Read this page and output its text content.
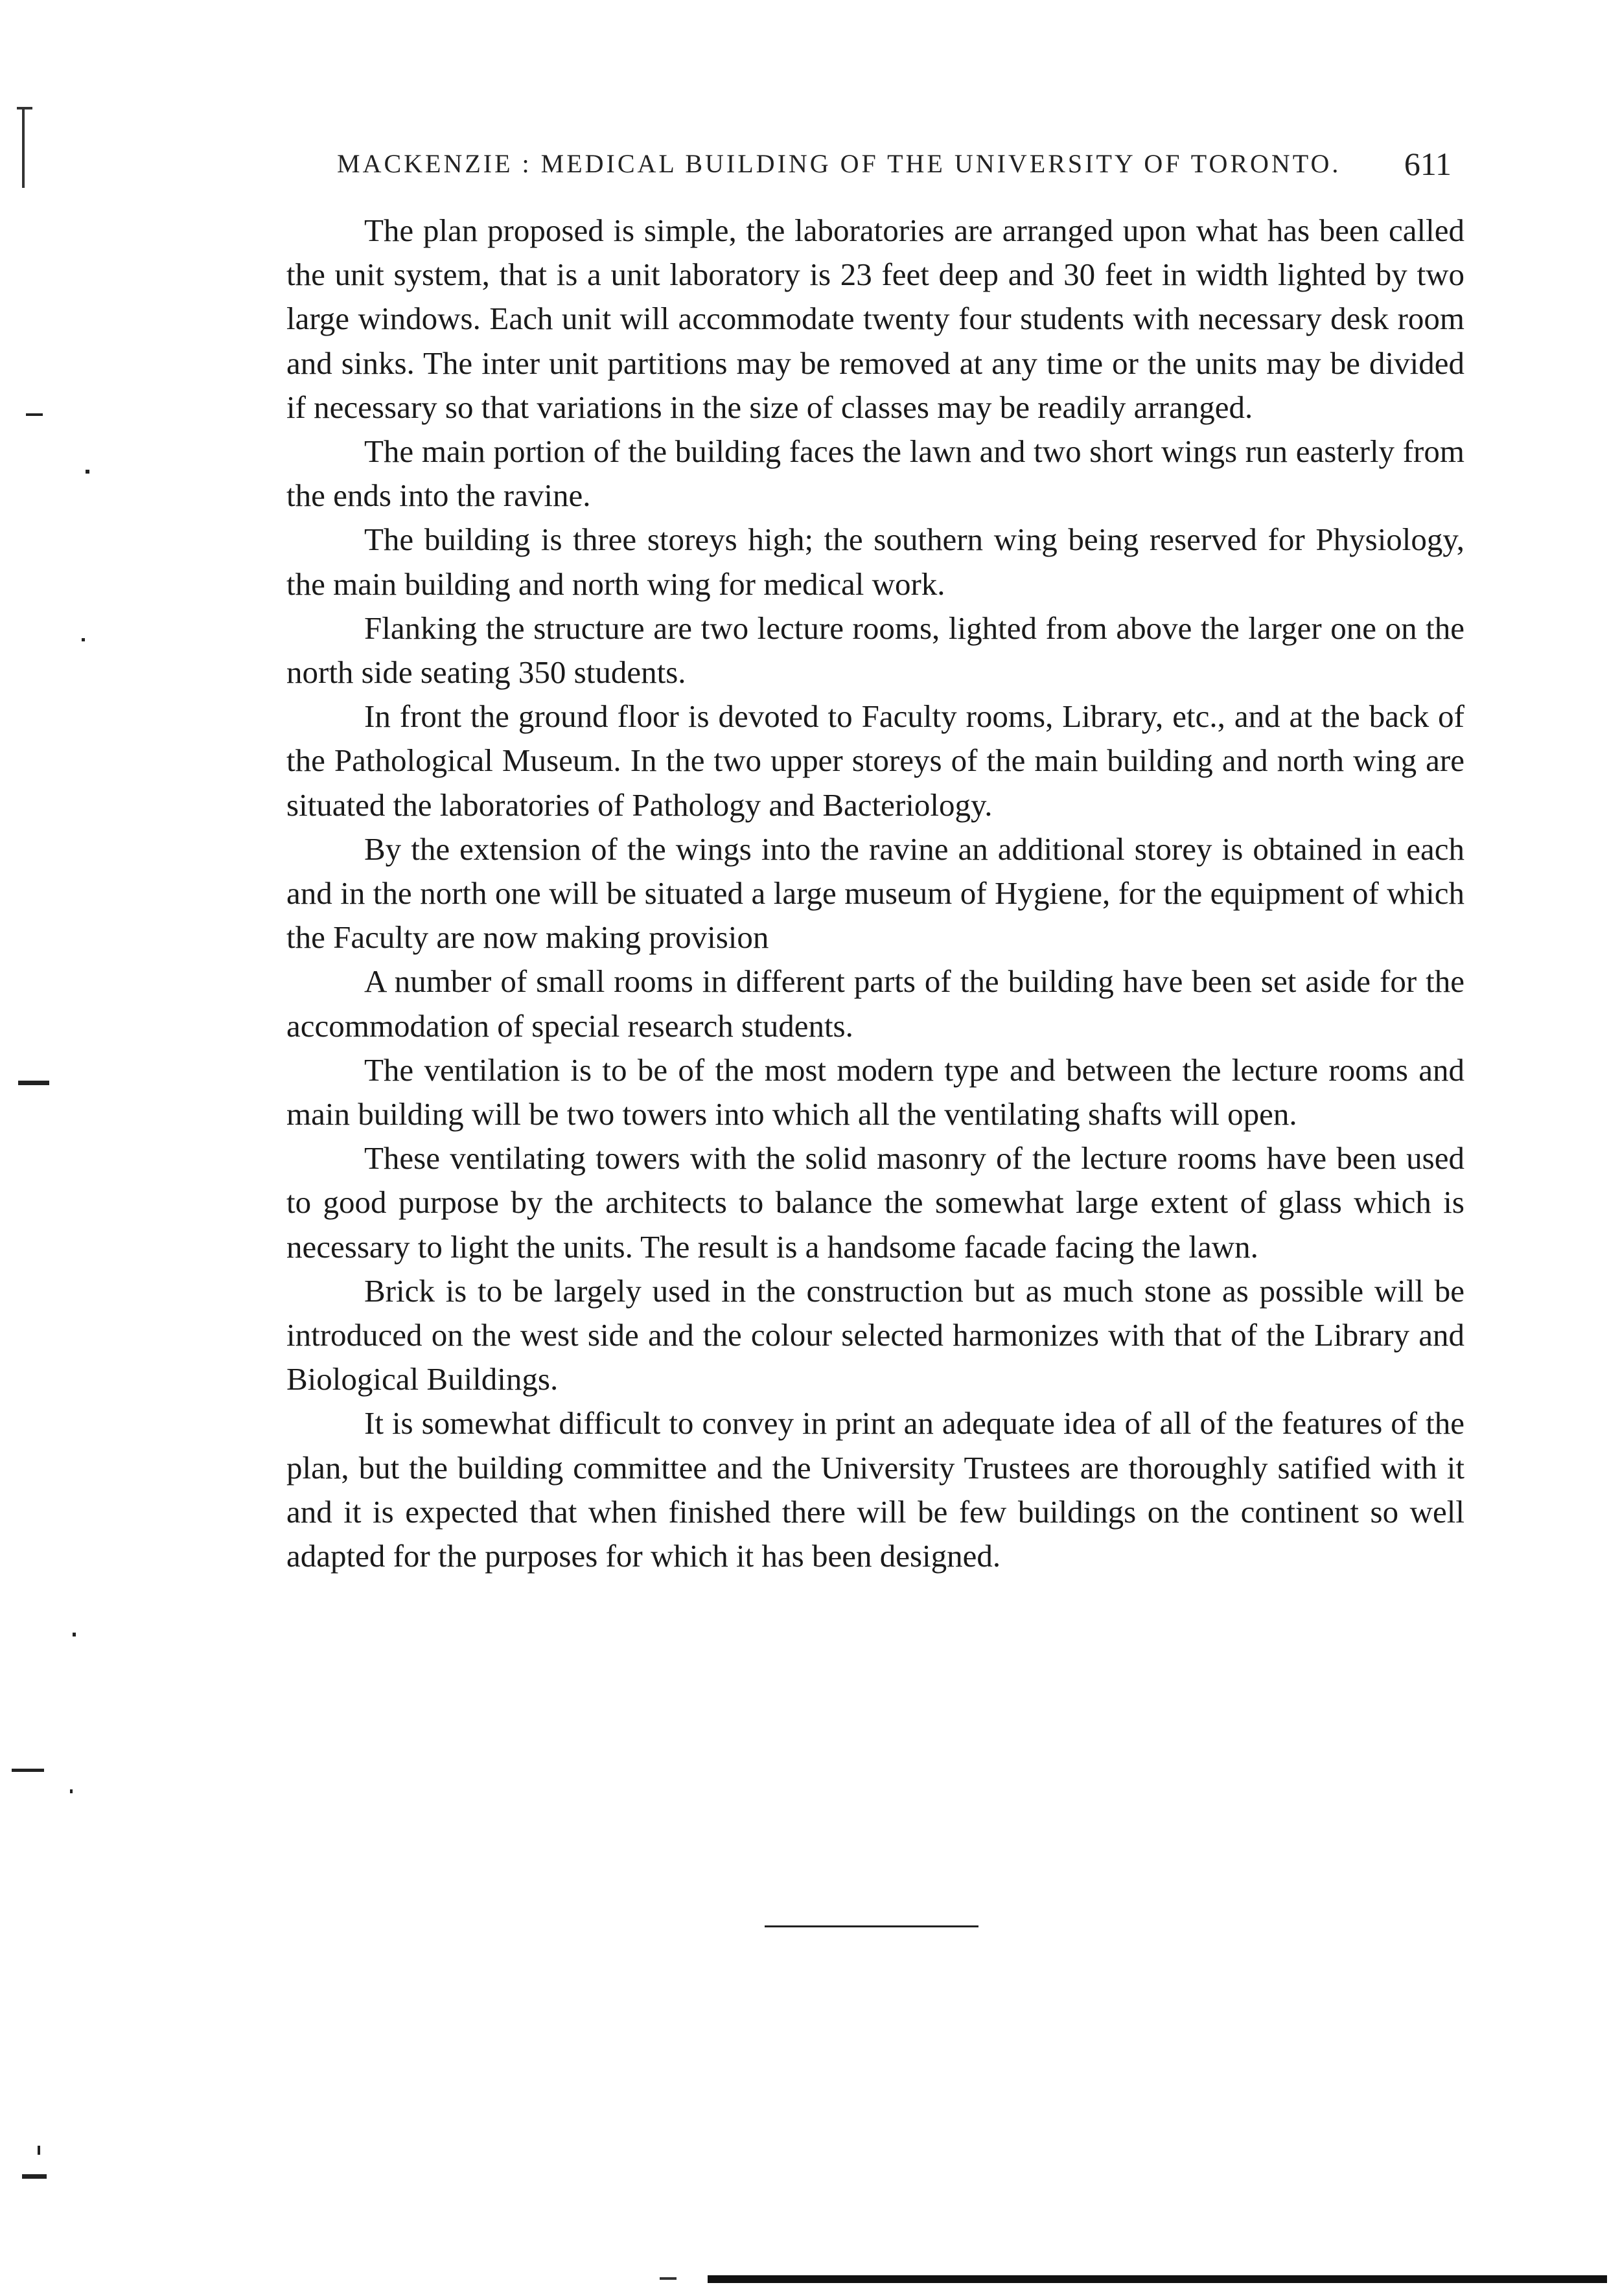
MACKENZIE : MEDICAL BUILDING OF THE UNIVERSITY OF TORONTO. 611

The plan proposed is simple, the laboratories are arranged upon what has been called the unit system, that is a unit laboratory is 23 feet deep and 30 feet in width lighted by two large windows. Each unit will accommodate twenty four students with necessary desk room and sinks. The inter unit partitions may be removed at any time or the units may be divided if necessary so that variations in the size of classes may be readily arranged.

The main portion of the building faces the lawn and two short wings run easterly from the ends into the ravine.

The building is three storeys high; the southern wing being reserved for Physiology, the main building and north wing for medical work.

Flanking the structure are two lecture rooms, lighted from above the larger one on the north side seating 350 students.

In front the ground floor is devoted to Faculty rooms, Library, etc., and at the back of the Pathological Museum. In the two upper storeys of the main building and north wing are situated the laboratories of Pathology and Bacteriology.

By the extension of the wings into the ravine an additional storey is obtained in each and in the north one will be situated a large museum of Hygiene, for the equipment of which the Faculty are now making provision

A number of small rooms in different parts of the building have been set aside for the accommodation of special research students.

The ventilation is to be of the most modern type and between the lecture rooms and main building will be two towers into which all the ventilating shafts will open.

These ventilating towers with the solid masonry of the lecture rooms have been used to good purpose by the architects to balance the somewhat large extent of glass which is necessary to light the units. The result is a handsome facade facing the lawn.

Brick is to be largely used in the construction but as much stone as possible will be introduced on the west side and the colour selected harmonizes with that of the Library and Biological Buildings.

It is somewhat difficult to convey in print an adequate idea of all of the features of the plan, but the building committee and the University Trustees are thoroughly satified with it and it is expected that when finished there will be few buildings on the continent so well adapted for the purposes for which it has been designed.
